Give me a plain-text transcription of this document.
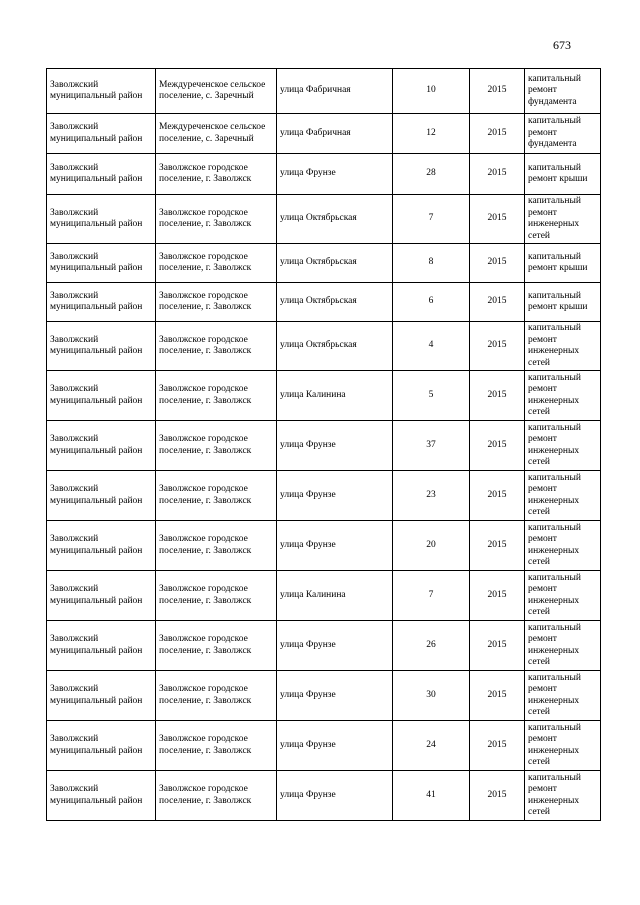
673
Заволжский муниципальный район	Междуреченское сельское поселение, с. Заречный	улица Фабричная	10	2015	капитальный ремонт фундамента
Заволжский муниципальный район	Междуреченское сельское поселение, с. Заречный	улица Фабричная	12	2015	капитальный ремонт фундамента
Заволжский муниципальный район	Заволжское городское поселение, г. Заволжск	улица Фрунзе	28	2015	капитальный ремонт крыши
Заволжский муниципальный район	Заволжское городское поселение, г. Заволжск	улица Октябрьская	7	2015	капитальный ремонт инженерных сетей
Заволжский муниципальный район	Заволжское городское поселение, г. Заволжск	улица Октябрьская	8	2015	капитальный ремонт крыши
Заволжский муниципальный район	Заволжское городское поселение, г. Заволжск	улица Октябрьская	6	2015	капитальный ремонт крыши
Заволжский муниципальный район	Заволжское городское поселение, г. Заволжск	улица Октябрьская	4	2015	капитальный ремонт инженерных сетей
Заволжский муниципальный район	Заволжское городское поселение, г. Заволжск	улица Калинина	5	2015	капитальный ремонт инженерных сетей
Заволжский муниципальный район	Заволжское городское поселение, г. Заволжск	улица Фрунзе	37	2015	капитальный ремонт инженерных сетей
Заволжский муниципальный район	Заволжское городское поселение, г. Заволжск	улица Фрунзе	23	2015	капитальный ремонт инженерных сетей
Заволжский муниципальный район	Заволжское городское поселение, г. Заволжск	улица Фрунзе	20	2015	капитальный ремонт инженерных сетей
Заволжский муниципальный район	Заволжское городское поселение, г. Заволжск	улица Калинина	7	2015	капитальный ремонт инженерных сетей
Заволжский муниципальный район	Заволжское городское поселение, г. Заволжск	улица Фрунзе	26	2015	капитальный ремонт инженерных сетей
Заволжский муниципальный район	Заволжское городское поселение, г. Заволжск	улица Фрунзе	30	2015	капитальный ремонт инженерных сетей
Заволжский муниципальный район	Заволжское городское поселение, г. Заволжск	улица Фрунзе	24	2015	капитальный ремонт инженерных сетей
Заволжский муниципальный район	Заволжское городское поселение, г. Заволжск	улица Фрунзе	41	2015	капитальный ремонт инженерных сетей
